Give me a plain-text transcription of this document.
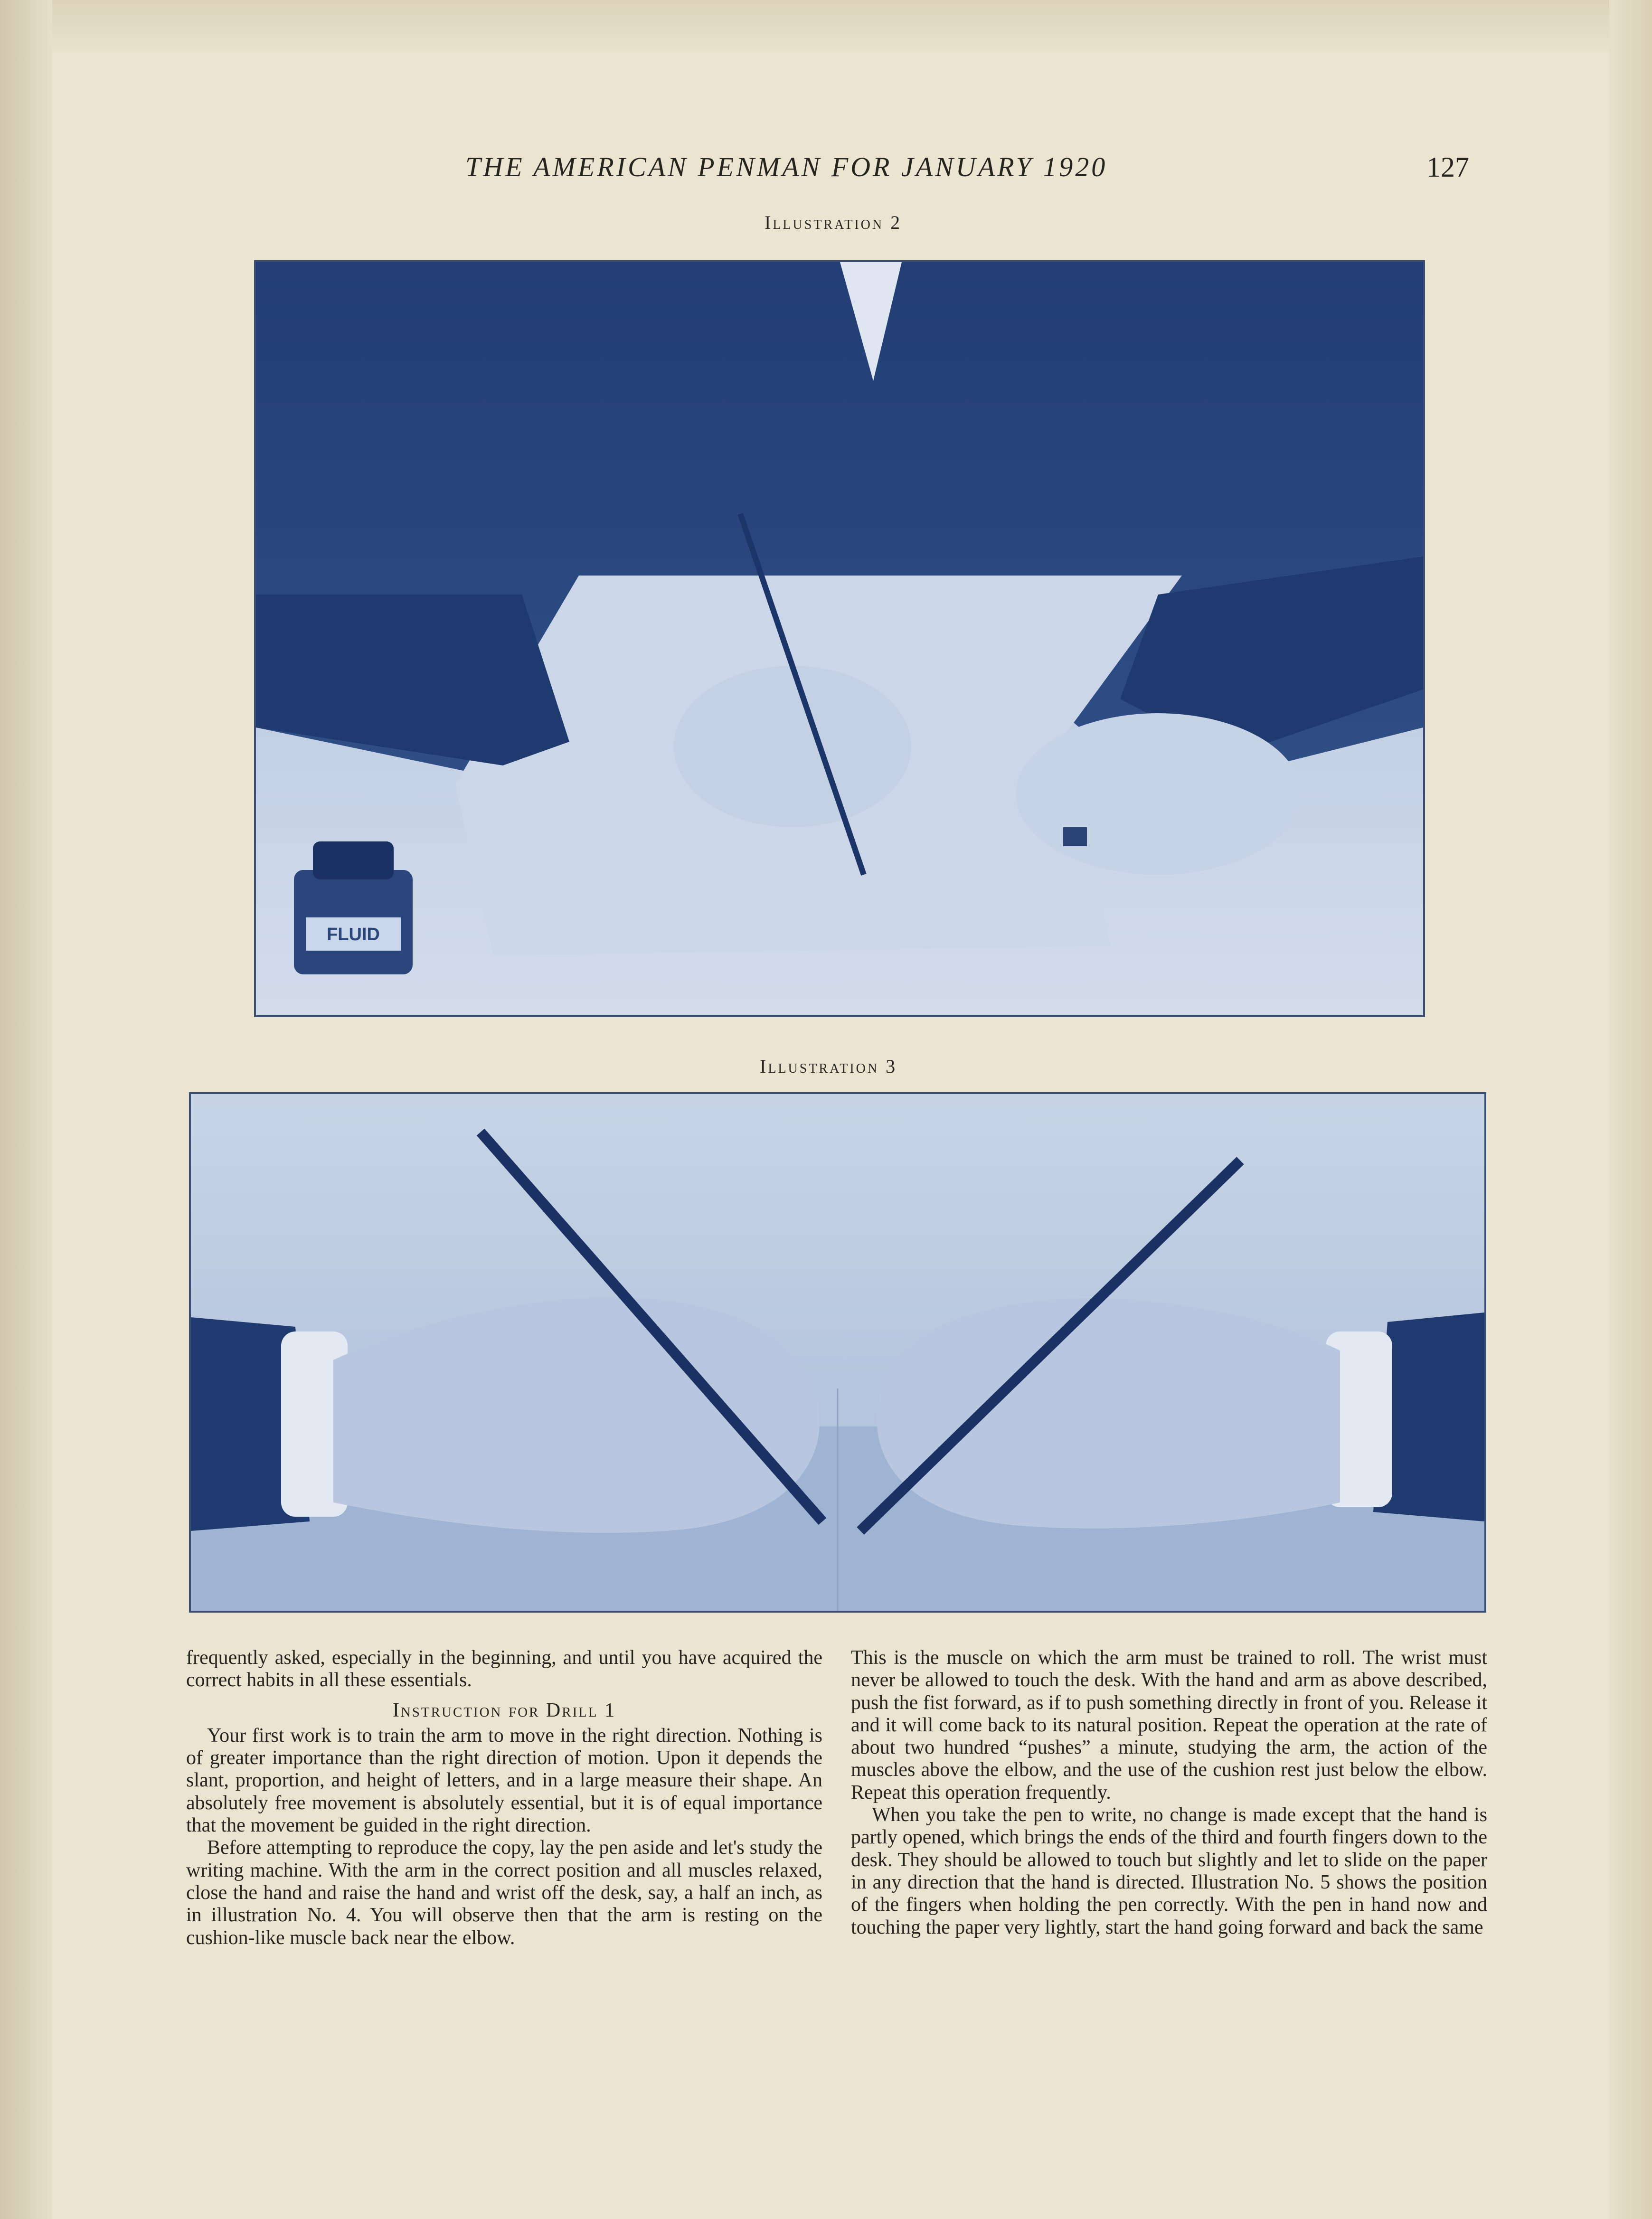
THE AMERICAN PENMAN FOR JANUARY 1920	127
Illustration 2
FLUID
Illustration 3

frequently asked, especially in the beginning, and until you have acquired the correct habits in all these essentials.

Instruction for Drill 1

Your first work is to train the arm to move in the right direction. Nothing is of greater importance than the right direction of motion. Upon it depends the slant, proportion, and height of letters, and in a large measure their shape. An absolutely free movement is absolutely essential, but it is of equal importance that the movement be guided in the right direction.

Before attempting to reproduce the copy, lay the pen aside and let's study the writing machine. With the arm in the correct position and all muscles relaxed, close the hand and raise the hand and wrist off the desk, say, a half an inch, as in illustration No. 4. You will observe then that the arm is resting on the cushion-like muscle back near the elbow.

This is the muscle on which the arm must be trained to roll. The wrist must never be allowed to touch the desk. With the hand and arm as above described, push the fist forward, as if to push something directly in front of you. Release it and it will come back to its natural position. Repeat the operation at the rate of about two hundred “pushes” a minute, studying the arm, the action of the muscles above the elbow, and the use of the cushion rest just below the elbow. Repeat this operation frequently.

When you take the pen to write, no change is made except that the hand is partly opened, which brings the ends of the third and fourth fingers down to the desk. They should be allowed to touch but slightly and let to slide on the paper in any direction that the hand is directed. Illustration No. 5 shows the position of the fingers when holding the pen correctly. With the pen in hand now and touching the paper very lightly, start the hand going forward and back the same
